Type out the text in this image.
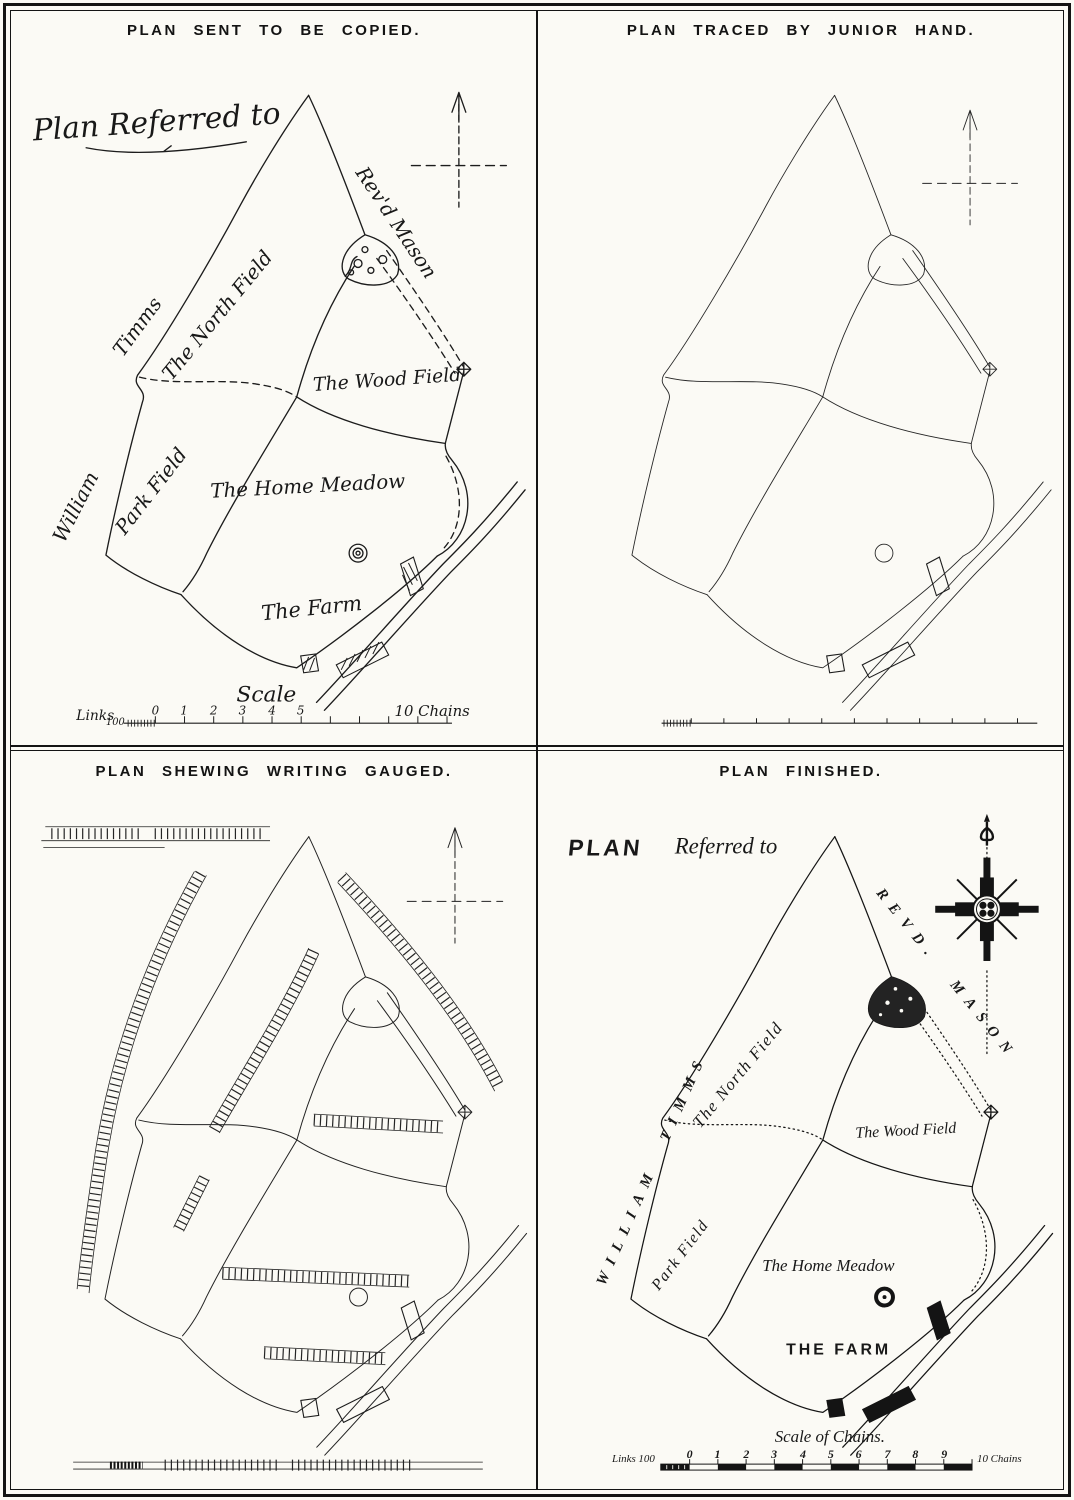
PLAN SENT TO BE COPIED.
Plan Referred to
Timms
William
Rev'd Mason
The North Field
Park Field
The Wood Field
The Home Meadow
The Farm
Scale
Links
100
0 1 2 3 4 5	10 Chains
PLAN TRACED BY JUNIOR HAND.
PLAN SHEWING WRITING GAUGED.	PLAN FINISHED.
PLAN Referred to
WILLIAM TIMMS
REVD. MASON
The North Field
Park Field
The Wood Field
The Home Meadow
THE FARM
Scale of Chains.
Links 100	0 1 2 3 4 5 6 7 8 9	10 Chains
